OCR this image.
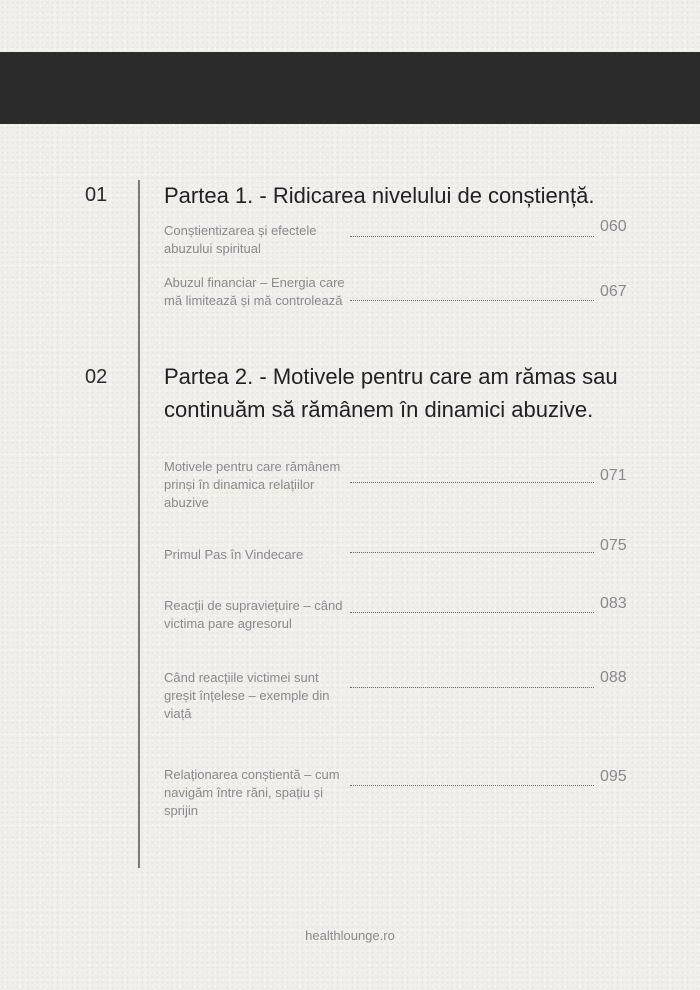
01	Partea 1. - Ridicarea nivelului de conștiență.
Conștientizarea și efectele abuzului spiritual
060
Abuzul financiar – Energia care mă limitează și mă controlează
067
02	Partea 2. - Motivele pentru care am rămas sau continuăm să rămânem în dinamici abuzive.
Motivele pentru care rămânem prinși în dinamica relațiilor abuzive
071
Primul Pas în Vindecare
075
Reacții de supraviețuire – când victima pare agresorul
083
Când reacțiile victimei sunt greșit înțelese – exemple din viață
088
Relaționarea conștientă – cum navigăm între răni, spațiu și sprijin
095
healthlounge.ro
